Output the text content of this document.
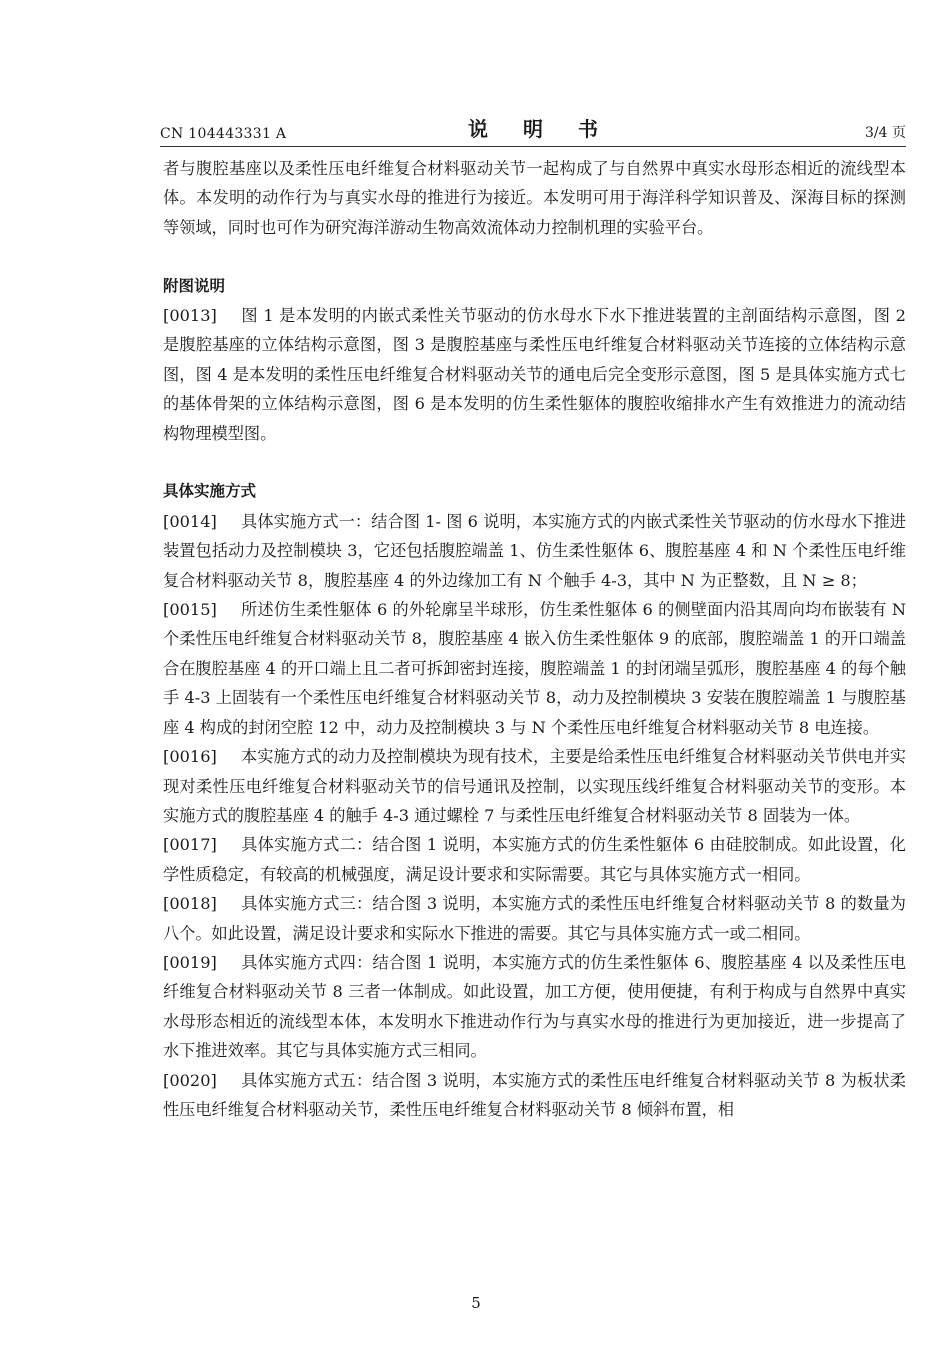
CN 104443331 A	说 明 书	3/4 页

者与腹腔基座以及柔性压电纤维复合材料驱动关节一起构成了与自然界中真实水母形态相近的流线型本体。本发明的动作行为与真实水母的推进行为接近。本发明可用于海洋科学知识普及、深海目标的探测等领域，同时也可作为研究海洋游动生物高效流体动力控制机理的实验平台。

附图说明

[0013] 图 1 是本发明的内嵌式柔性关节驱动的仿水母水下水下推进装置的主剖面结构示意图，图 2 是腹腔基座的立体结构示意图，图 3 是腹腔基座与柔性压电纤维复合材料驱动关节连接的立体结构示意图，图 4 是本发明的柔性压电纤维复合材料驱动关节的通电后完全变形示意图，图 5 是具体实施方式七的基体骨架的立体结构示意图，图 6 是本发明的仿生柔性躯体的腹腔收缩排水产生有效推进力的流动结构物理模型图。

具体实施方式

[0014] 具体实施方式一：结合图 1- 图 6 说明，本实施方式的内嵌式柔性关节驱动的仿水母水下推进装置包括动力及控制模块 3，它还包括腹腔端盖 1、仿生柔性躯体 6、腹腔基座 4 和 N 个柔性压电纤维复合材料驱动关节 8，腹腔基座 4 的外边缘加工有 N 个触手 4-3，其中 N 为正整数，且 N ≥ 8；

[0015] 所述仿生柔性躯体 6 的外轮廓呈半球形，仿生柔性躯体 6 的侧壁面内沿其周向均布嵌装有 N 个柔性压电纤维复合材料驱动关节 8，腹腔基座 4 嵌入仿生柔性躯体 9 的底部，腹腔端盖 1 的开口端盖合在腹腔基座 4 的开口端上且二者可拆卸密封连接，腹腔端盖 1 的封闭端呈弧形，腹腔基座 4 的每个触手 4-3 上固装有一个柔性压电纤维复合材料驱动关节 8，动力及控制模块 3 安装在腹腔端盖 1 与腹腔基座 4 构成的封闭空腔 12 中，动力及控制模块 3 与 N 个柔性压电纤维复合材料驱动关节 8 电连接。

[0016] 本实施方式的动力及控制模块为现有技术，主要是给柔性压电纤维复合材料驱动关节供电并实现对柔性压电纤维复合材料驱动关节的信号通讯及控制，以实现压线纤维复合材料驱动关节的变形。本实施方式的腹腔基座 4 的触手 4-3 通过螺栓 7 与柔性压电纤维复合材料驱动关节 8 固装为一体。

[0017] 具体实施方式二：结合图 1 说明，本实施方式的仿生柔性躯体 6 由硅胶制成。如此设置，化学性质稳定，有较高的机械强度，满足设计要求和实际需要。其它与具体实施方式一相同。

[0018] 具体实施方式三：结合图 3 说明，本实施方式的柔性压电纤维复合材料驱动关节 8 的数量为八个。如此设置，满足设计要求和实际水下推进的需要。其它与具体实施方式一或二相同。

[0019] 具体实施方式四：结合图 1 说明，本实施方式的仿生柔性躯体 6、腹腔基座 4 以及柔性压电纤维复合材料驱动关节 8 三者一体制成。如此设置，加工方便，使用便捷，有利于构成与自然界中真实水母形态相近的流线型本体，本发明水下推进动作行为与真实水母的推进行为更加接近，进一步提高了水下推进效率。其它与具体实施方式三相同。

[0020] 具体实施方式五：结合图 3 说明，本实施方式的柔性压电纤维复合材料驱动关节 8 为板状柔性压电纤维复合材料驱动关节，柔性压电纤维复合材料驱动关节 8 倾斜布置，相

5
